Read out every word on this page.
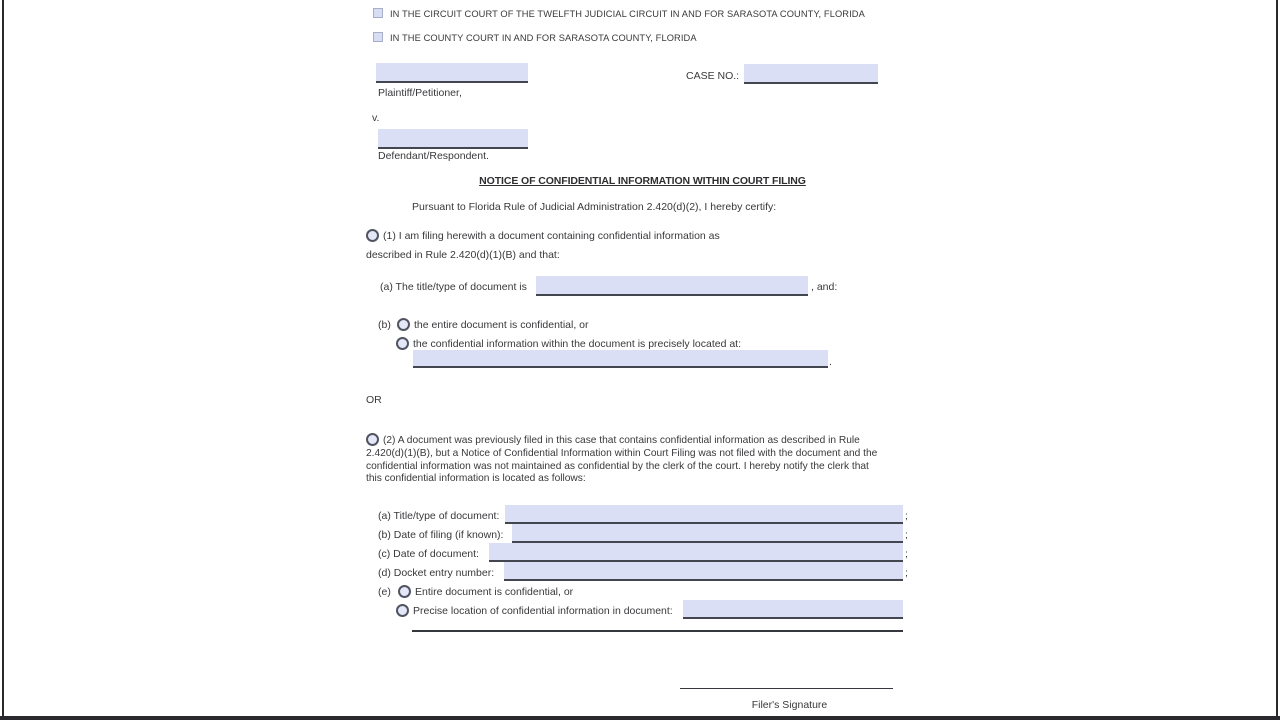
IN THE CIRCUIT COURT OF THE TWELFTH JUDICIAL CIRCUIT IN AND FOR SARASOTA COUNTY, FLORIDA
IN THE COUNTY COURT IN AND FOR SARASOTA COUNTY, FLORIDA
Plaintiff/Petitioner,
CASE NO.:
v.
Defendant/Respondent.
NOTICE OF CONFIDENTIAL INFORMATION WITHIN COURT FILING
Pursuant to Florida Rule of Judicial Administration 2.420(d)(2), I hereby certify:
(1) I am filing herewith a document containing confidential information as
described in Rule 2.420(d)(1)(B) and that:
(a) The title/type of document is	, and:
(b) the entire document is confidential, or
the confidential information within the document is precisely located at:
.
OR
(2) A document was previously filed in this case that contains confidential information as described in Rule
2.420(d)(1)(B), but a Notice of Confidential Information within Court Filing was not filed with the document and the
confidential information was not maintained as confidential by the clerk of the court. I hereby notify the clerk that
this confidential information is located as follows:
(a) Title/type of document:	;
(b) Date of filing (if known):	;
(c) Date of document:	;
(d) Docket entry number:	;
(e) Entire document is confidential, or
Precise location of confidential information in document:
Filer's Signature
